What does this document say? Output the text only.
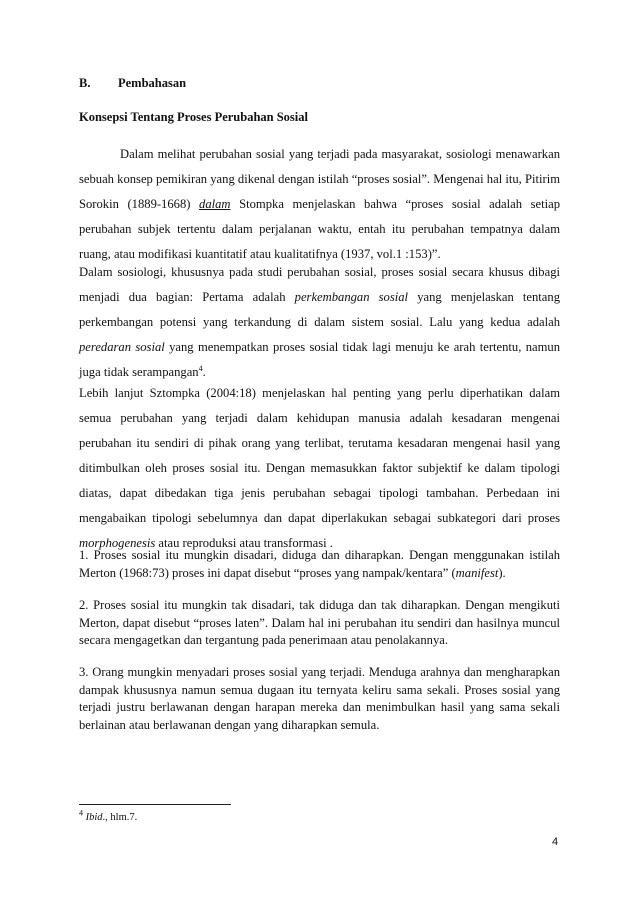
B. Pembahasan
Konsepsi Tentang Proses Perubahan Sosial

Dalam melihat perubahan sosial yang terjadi pada masyarakat, sosiologi menawarkan sebuah konsep pemikiran yang dikenal dengan istilah “proses sosial”. Mengenai hal itu, Pitirim Sorokin (1889-1668) dalam Stompka menjelaskan bahwa “proses sosial adalah setiap perubahan subjek tertentu dalam perjalanan waktu, entah itu perubahan tempatnya dalam ruang, atau modifikasi kuantitatif atau kualitatifnya (1937, vol.1 :153)”.

Dalam sosiologi, khususnya pada studi perubahan sosial, proses sosial secara khusus dibagi menjadi dua bagian: Pertama adalah perkembangan sosial yang menjelaskan tentang perkembangan potensi yang terkandung di dalam sistem sosial. Lalu yang kedua adalah peredaran sosial yang menempatkan proses sosial tidak lagi menuju ke arah tertentu, namun juga tidak serampangan$^4$.

Lebih lanjut Sztompka (2004:18) menjelaskan hal penting yang perlu diperhatikan dalam semua perubahan yang terjadi dalam kehidupan manusia adalah kesadaran mengenai perubahan itu sendiri di pihak orang yang terlibat, terutama kesadaran mengenai hasil yang ditimbulkan oleh proses sosial itu. Dengan memasukkan faktor subjektif ke dalam tipologi diatas, dapat dibedakan tiga jenis perubahan sebagai tipologi tambahan. Perbedaan ini mengabaikan tipologi sebelumnya dan dapat diperlakukan sebagai subkategori dari proses morphogenesis atau reproduksi atau transformasi .

1. Proses sosial itu mungkin disadari, diduga dan diharapkan. Dengan menggunakan istilah Merton (1968:73) proses ini dapat disebut “proses yang nampak/kentara” (manifest).

2. Proses sosial itu mungkin tak disadari, tak diduga dan tak diharapkan. Dengan mengikuti Merton, dapat disebut “proses laten”. Dalam hal ini perubahan itu sendiri dan hasilnya muncul secara mengagetkan dan tergantung pada penerimaan atau penolakannya.

3. Orang mungkin menyadari proses sosial yang terjadi. Menduga arahnya dan mengharapkan dampak khususnya namun semua dugaan itu ternyata keliru sama sekali. Proses sosial yang terjadi justru berlawanan dengan harapan mereka dan menimbulkan hasil yang sama sekali berlainan atau berlawanan dengan yang diharapkan semula.

$^4$ Ibid., hlm.7.
4
